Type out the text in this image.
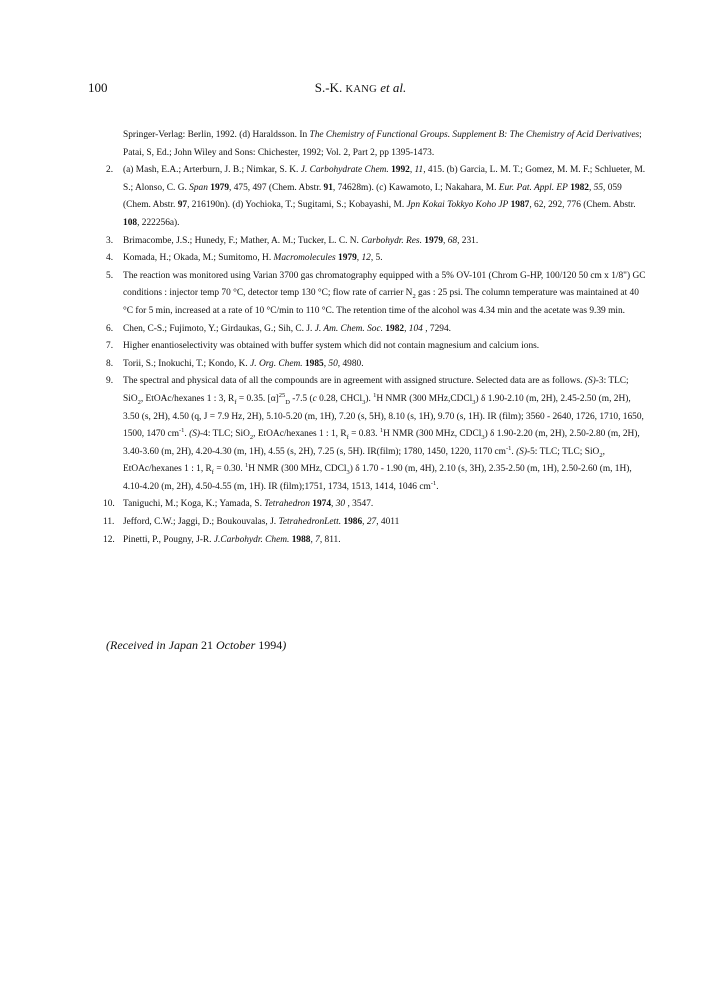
100	S.-K. KANG et al.
Springer-Verlag: Berlin, 1992. (d) Haraldsson. In The Chemistry of Functional Groups. Supplement B: The Chemistry of Acid Derivatives; Patai, S, Ed.; John Wiley and Sons: Chichester, 1992; Vol. 2, Part 2, pp 1395-1473.
2. (a) Mash, E.A.; Arterburn, J. B.; Nimkar, S. K. J. Carbohydrate Chem. 1992, 11, 415. (b) Garcia, L. M. T.; Gomez, M. M. F.; Schlueter, M. S.; Alonso, C. G. Span 1979, 475, 497 (Chem. Abstr. 91, 74628m). (c) Kawamoto, I.; Nakahara, M. Eur. Pat. Appl. EP 1982, 55, 059 (Chem. Abstr. 97, 216190n). (d) Yochioka, T.; Sugitami, S.; Kobayashi, M. Jpn Kokai Tokkyo Koho JP 1987, 62, 292, 776 (Chem. Abstr. 108, 222256a).
3. Brimacombe, J.S.; Hunedy, F.; Mather, A. M.; Tucker, L. C. N. Carbohydr. Res. 1979, 68, 231.
4. Komada, H.; Okada, M.; Sumitomo, H. Macromolecules 1979, 12, 5.
5. The reaction was monitored using Varian 3700 gas chromatography equipped with a 5% OV-101 (Chrom G-HP, 100/120 50 cm x 1/8") GC conditions : injector temp 70 °C, detector temp 130 °C; flow rate of carrier $N_2$ gas : 25 psi. The column temperature was maintained at 40 °C for 5 min, increased at a rate of 10 °C/min to 110 °C. The retention time of the alcohol was 4.34 min and the acetate was 9.39 min.
6. Chen, C-S.; Fujimoto, Y.; Girdaukas, G.; Sih, C. J. J. Am. Chem. Soc. 1982, 104 , 7294.
7. Higher enantioselectivity was obtained with buffer system which did not contain magnesium and calcium ions.
8. Torii, S.; Inokuchi, T.; Kondo, K. J. Org. Chem. 1985, 50, 4980.
9. The spectral and physical data of all the compounds are in agreement with assigned structure. Selected data are as follows. (S)-3: TLC; SiO$_2$, EtOAc/hexanes 1 : 3, $R_f = 0.35$. $[\alpha]^{25}_D$ -7.5 (c 0.28, CHCl$_3$). $^1$H NMR (300 MHz,CDCl$_3$) δ 1.90-2.10 (m, 2H), 2.45-2.50 (m, 2H), 3.50 (s, 2H), 4.50 (q, J = 7.9 Hz, 2H), 5.10-5.20 (m, 1H), 7.20 (s, 5H), 8.10 (s, 1H), 9.70 (s, 1H). IR (film); 3560 - 2640, 1726, 1710, 1650, 1500, 1470 $cm^{-1}$. (S)-4: TLC; SiO$_2$, EtOAc/hexanes 1 : 1, $R_f = 0.83$. $^1$H NMR (300 MHz, CDCl$_3$) δ 1.90-2.20 (m, 2H), 2.50-2.80 (m, 2H), 3.40-3.60 (m, 2H), 4.20-4.30 (m, 1H), 4.55 (s, 2H), 7.25 (s, 5H). IR(film); 1780, 1450, 1220, 1170 $cm^{-1}$. (S)-5: TLC; TLC; SiO$_2$, EtOAc/hexanes 1 : 1, $R_f = 0.30$. $^1$H NMR (300 MHz, CDCl$_3$) δ 1.70 - 1.90 (m, 4H), 2.10 (s, 3H), 2.35-2.50 (m, 1H), 2.50-2.60 (m, 1H), 4.10-4.20 (m, 2H), 4.50-4.55 (m, 1H). IR (film);1751, 1734, 1513, 1414, 1046 $cm^{-1}$.
10. Taniguchi, M.; Koga, K.; Yamada, S. Tetrahedron 1974, 30 , 3547.
11. Jefford, C.W.; Jaggi, D.; Boukouvalas, J. TetrahedronLett. 1986, 27, 4011
12. Pinetti, P., Pougny, J-R. J.Carbohydr. Chem. 1988, 7, 811.
(Received in Japan 21 October 1994)
